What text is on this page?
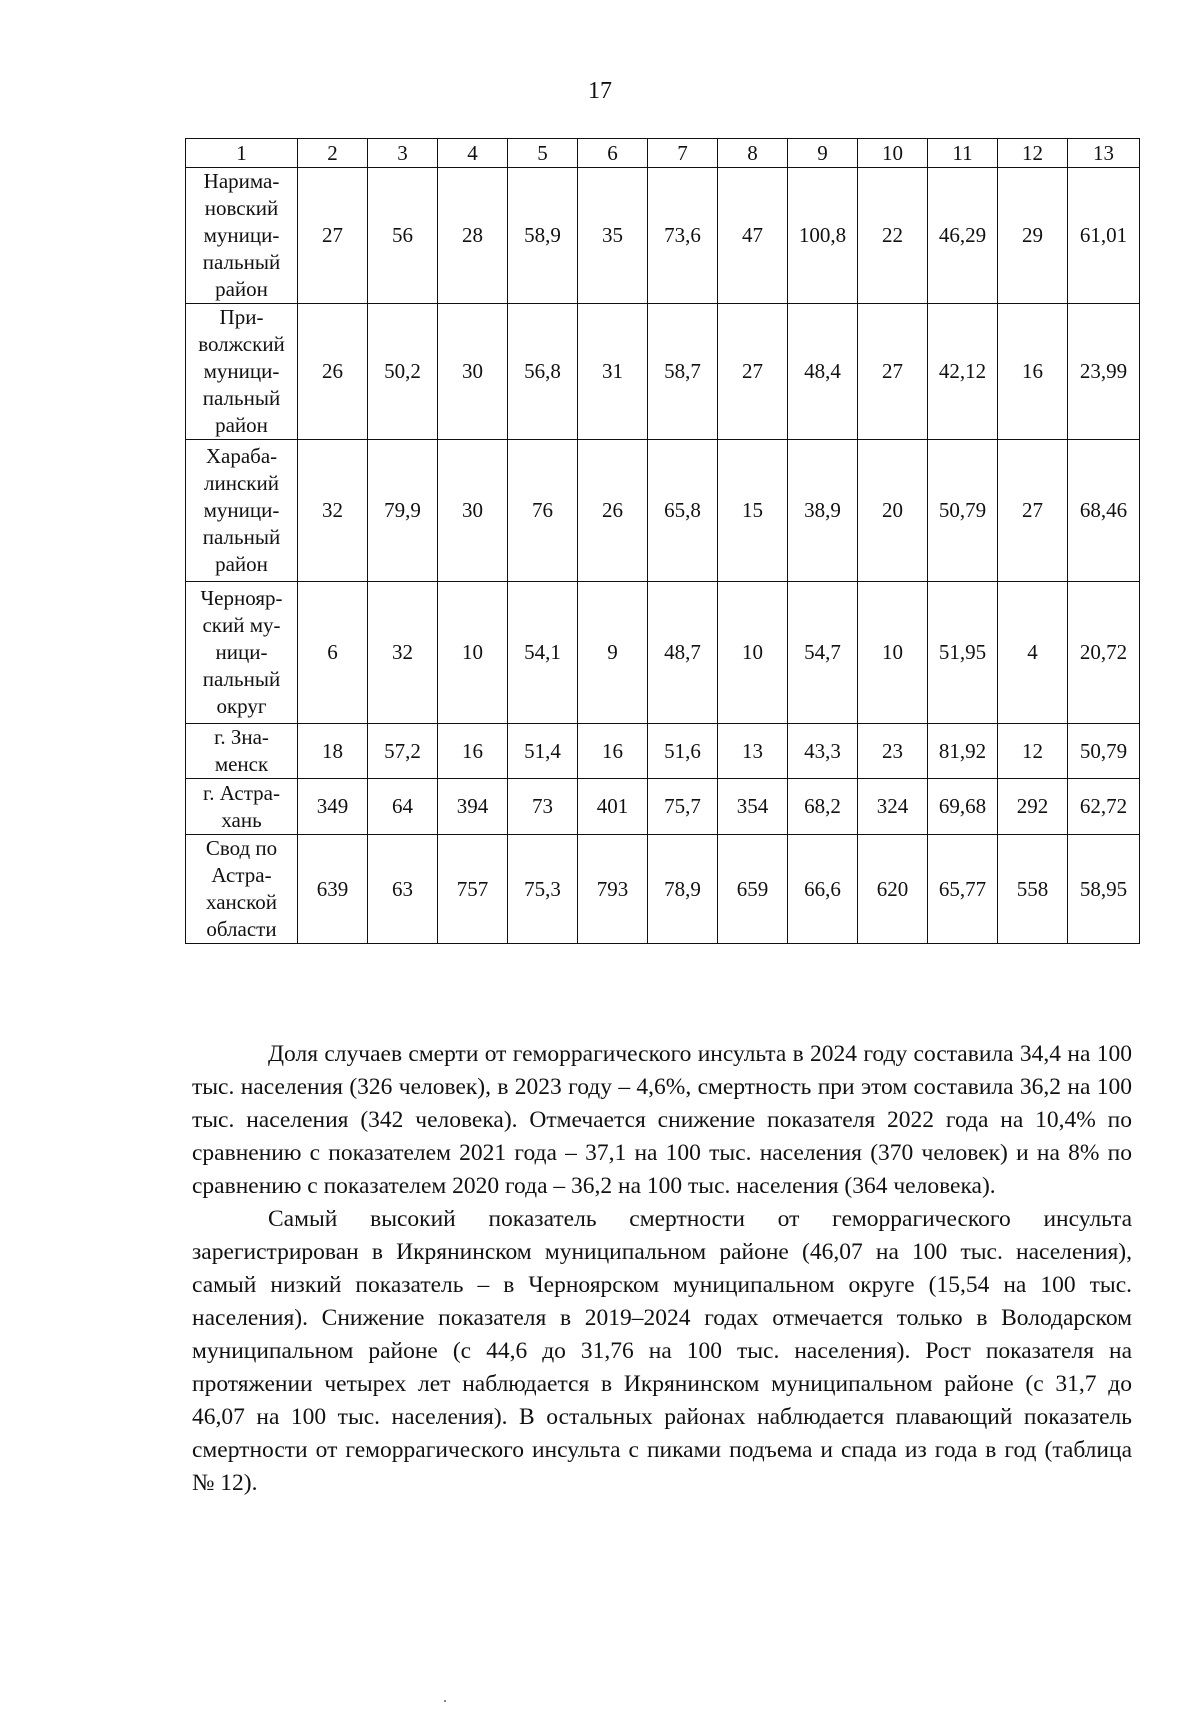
17
1	2	3	4	5	6	7	8	9	10	11	12	13

Нарима-
новский
муници-
пальный
район	27	56	28	58,9	35	73,6	47	100,8	22	46,29	29	61,01

При-
волжский
муници-
пальный
район	26	50,2	30	56,8	31	58,7	27	48,4	27	42,12	16	23,99

Хараба-
линский
муници-
пальный
район	32	79,9	30	76	26	65,8	15	38,9	20	50,79	27	68,46

Чернояр-
ский му-
ници-
пальный
округ	6	32	10	54,1	9	48,7	10	54,7	10	51,95	4	20,72

г. Зна-
менск	18	57,2	16	51,4	16	51,6	13	43,3	23	81,92	12	50,79

г. Астра-
хань	349	64	394	73	401	75,7	354	68,2	324	69,68	292	62,72

Свод по
Астра-
ханской
области	639	63	757	75,3	793	78,9	659	66,6	620	65,77	558	58,95

Доля случаев смерти от геморрагического инсульта в 2024 году составила 34,4 на 100 тыс. населения (326 человек), в 2023 году – 4,6%, смертность при этом составила 36,2 на 100 тыс. населения (342 человека). Отмечается снижение показателя 2022 года на 10,4% по сравнению с показателем 2021 года – 37,1 на 100 тыс. населения (370 человек) и на 8% по сравнению с показателем 2020 года – 36,2 на 100 тыс. населения (364 человека).

Самый высокий показатель смертности от геморрагического инсульта зарегистрирован в Икрянинском муниципальном районе (46,07 на 100 тыс. населения), самый низкий показатель – в Черноярском муниципальном округе (15,54 на 100 тыс. населения). Снижение показателя в 2019–2024 годах отмечается только в Володарском муниципальном районе (с 44,6 до 31,76 на 100 тыс. населения). Рост показателя на протяжении четырех лет наблюдается в Икрянинском муниципальном районе (с 31,7 до 46,07 на 100 тыс. населения). В остальных районах наблюдается плавающий показатель смертности от геморрагического инсульта с пиками подъема и спада из года в год (таблица № 12).
